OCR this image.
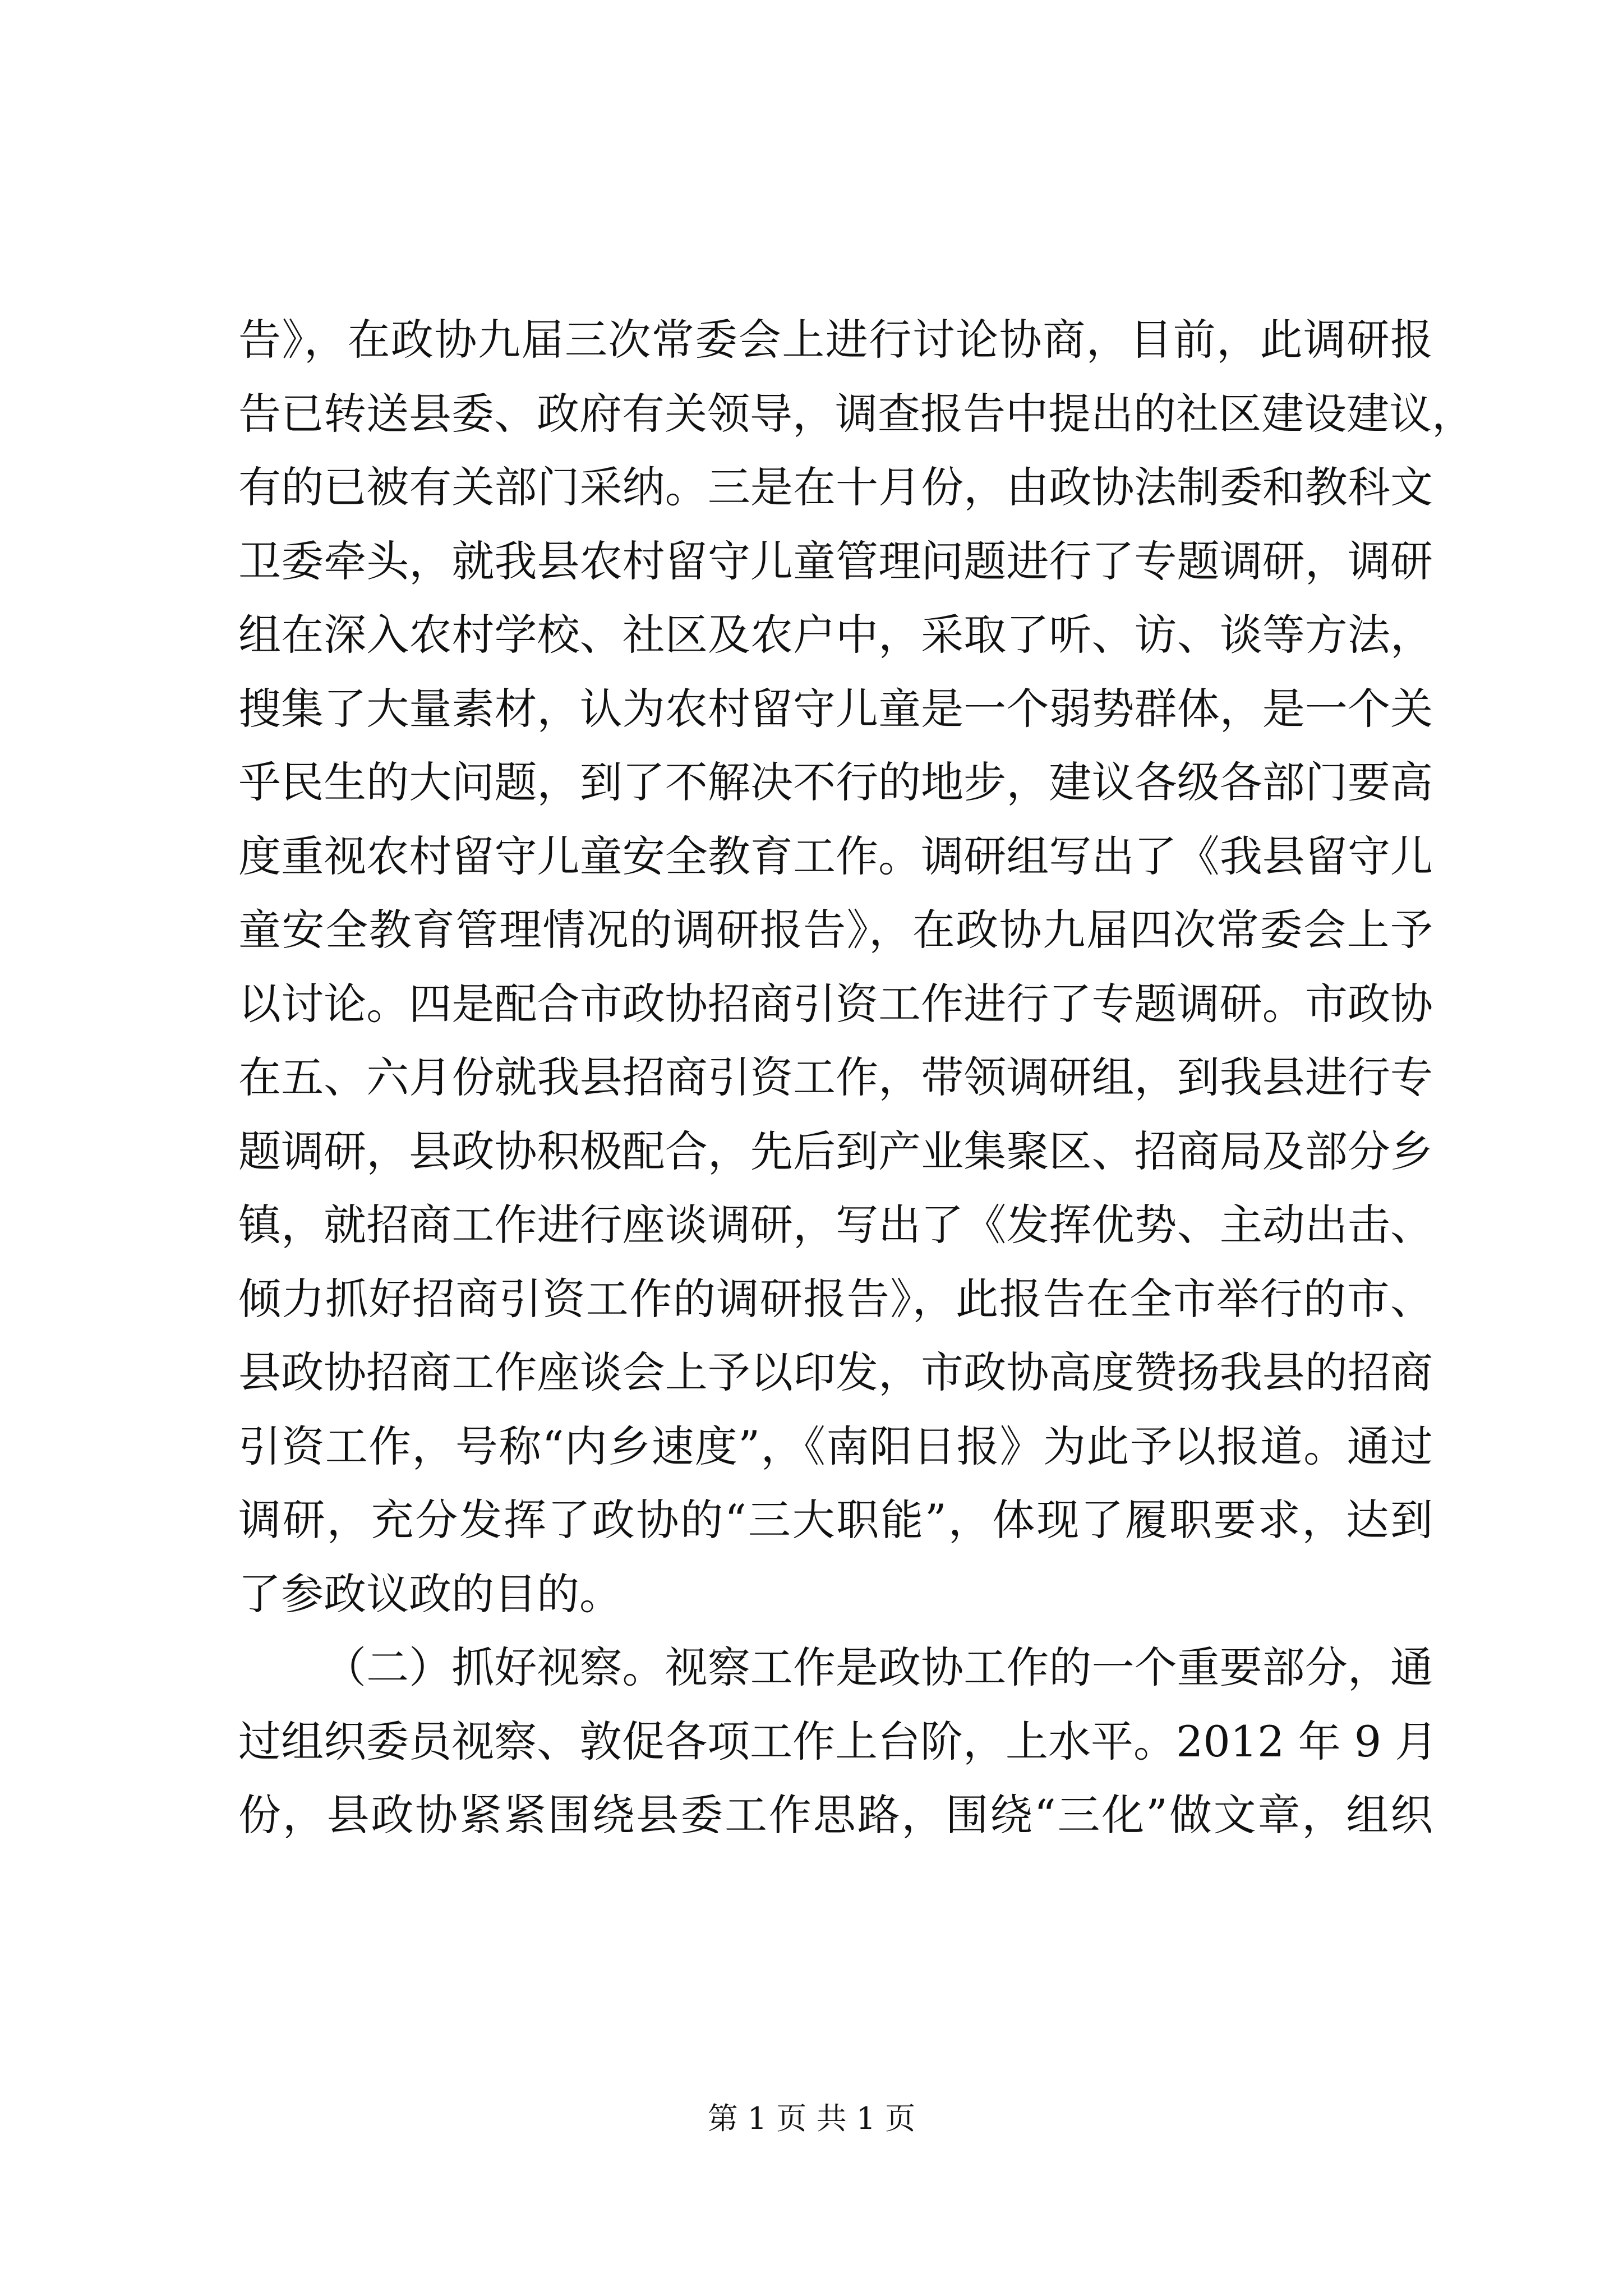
告》，在政协九届三次常委会上进行讨论协商，目前，此调研报
告已转送县委、政府有关领导，调查报告中提出的社区建设建议，
有的已被有关部门采纳。三是在十月份，由政协法制委和教科文
卫委牵头，就我县农村留守儿童管理问题进行了专题调研，调研
组在深入农村学校、社区及农户中，采取了听、访、谈等方法，
搜集了大量素材，认为农村留守儿童是一个弱势群体，是一个关
乎民生的大问题，到了不解决不行的地步，建议各级各部门要高
度重视农村留守儿童安全教育工作。调研组写出了《我县留守儿
童安全教育管理情况的调研报告》，在政协九届四次常委会上予
以讨论。四是配合市政协招商引资工作进行了专题调研。市政协
在五、六月份就我县招商引资工作，带领调研组，到我县进行专
题调研，县政协积极配合，先后到产业集聚区、招商局及部分乡
镇，就招商工作进行座谈调研，写出了《发挥优势、主动出击、
倾力抓好招商引资工作的调研报告》，此报告在全市举行的市、
县政协招商工作座谈会上予以印发，市政协高度赞扬我县的招商
引资工作，号称“内乡速度”，《南阳日报》为此予以报道。通过
调研，充分发挥了政协的“三大职能”，体现了履职要求，达到
了参政议政的目的。
（二）抓好视察。视察工作是政协工作的一个重要部分，通
过组织委员视察、敦促各项工作上台阶，上水平。2012 年 9 月
份，县政协紧紧围绕县委工作思路，围绕“三化”做文章，组织
第 1 页 共 1 页
